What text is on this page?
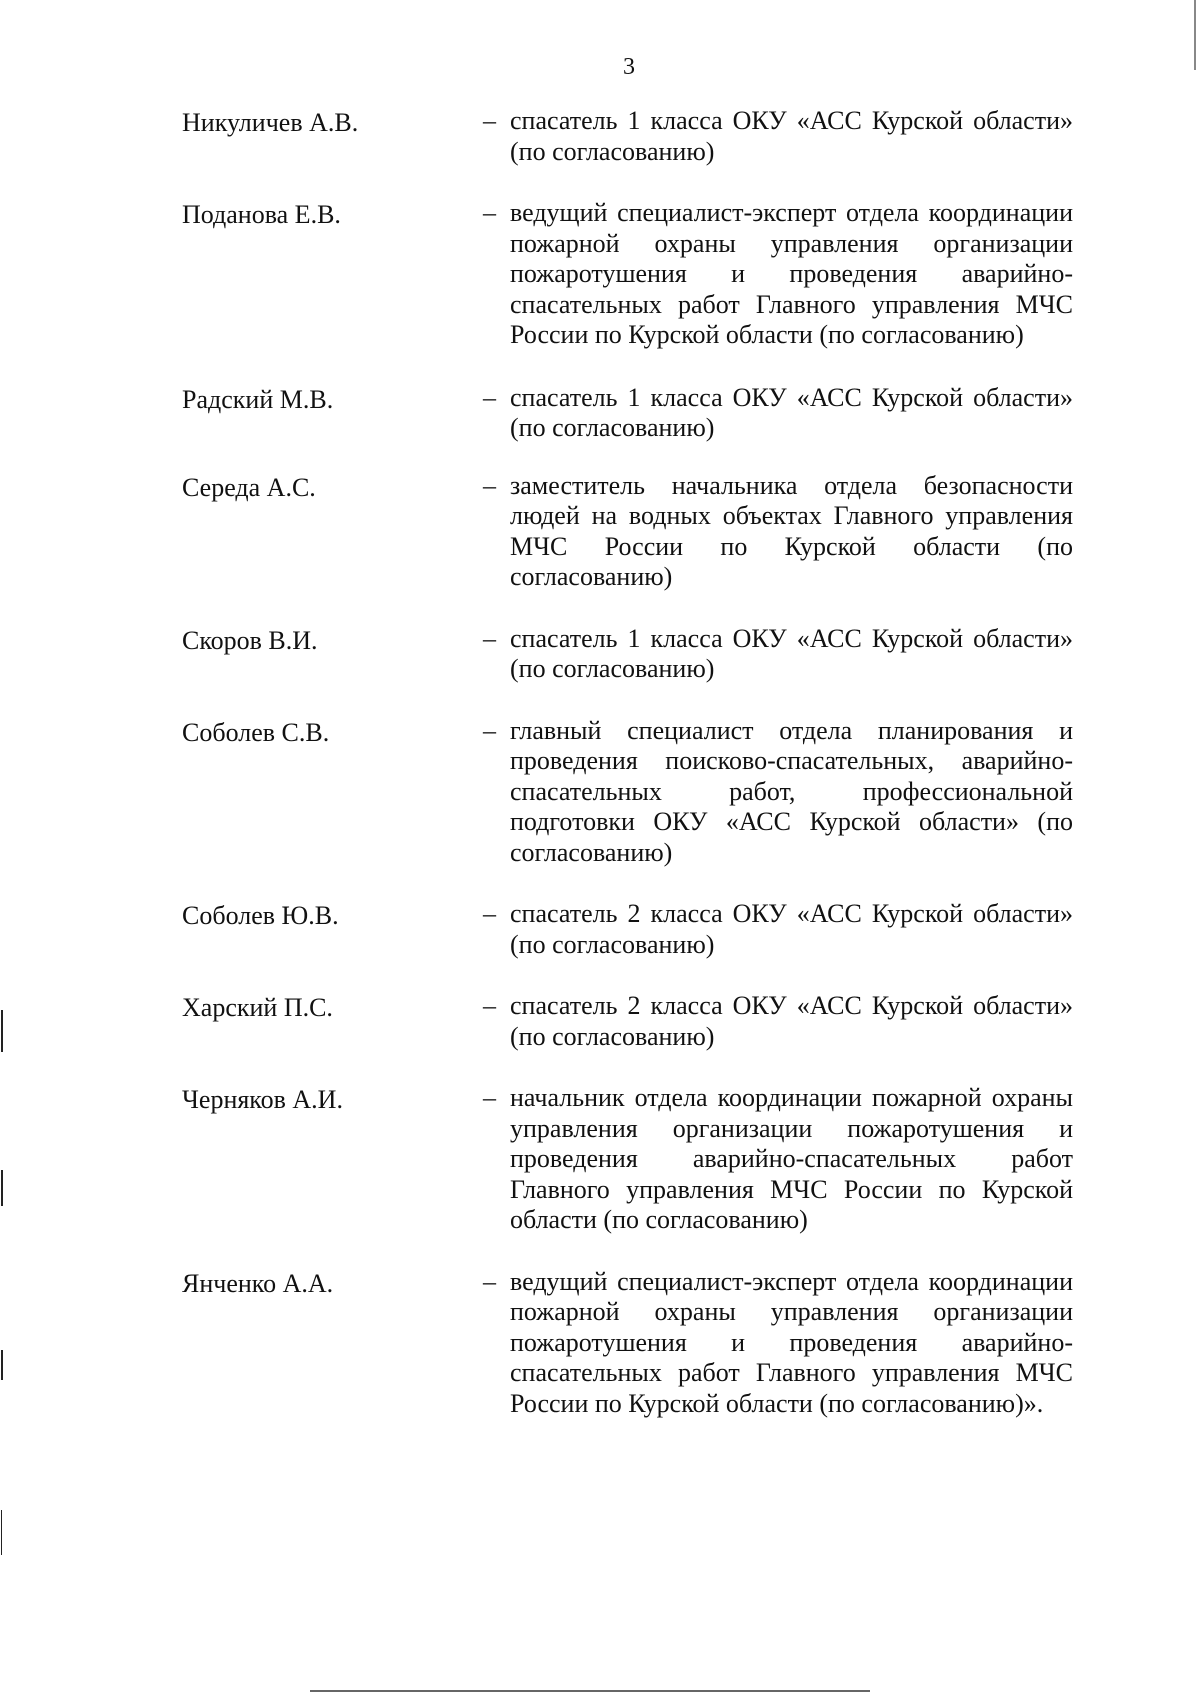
3
Никуличев А.В.	– спасатель 1 класса ОКУ «АСС Курской области» (по согласованию)
Поданова Е.В.	– ведущий специалист-эксперт отдела координации пожарной охраны управления организации пожаротушения и проведения аварийно-спасательных работ Главного управления МЧС России по Курской области (по согласованию)
Радский М.В.	– спасатель 1 класса ОКУ «АСС Курской области» (по согласованию)
Середа А.С.	– заместитель начальника отдела безопасности людей на водных объектах Главного управления МЧС России по Курской области (по согласованию)
Скоров В.И.	– спасатель 1 класса ОКУ «АСС Курской области» (по согласованию)
Соболев С.В.	– главный специалист отдела планирования и проведения поисково-спасательных, аварийно-спасательных работ, профессиональной подготовки ОКУ «АСС Курской области» (по согласованию)
Соболев Ю.В.	– спасатель 2 класса ОКУ «АСС Курской области» (по согласованию)
Харский П.С.	– спасатель 2 класса ОКУ «АСС Курской области» (по согласованию)
Черняков А.И.	– начальник отдела координации пожарной охраны управления организации пожаротушения и проведения аварийно-спасательных работ Главного управления МЧС России по Курской области (по согласованию)
Янченко А.А.	– ведущий специалист-эксперт отдела координации пожарной охраны управления организации пожаротушения и проведения аварийно-спасательных работ Главного управления МЧС России по Курской области (по согласованию)».
